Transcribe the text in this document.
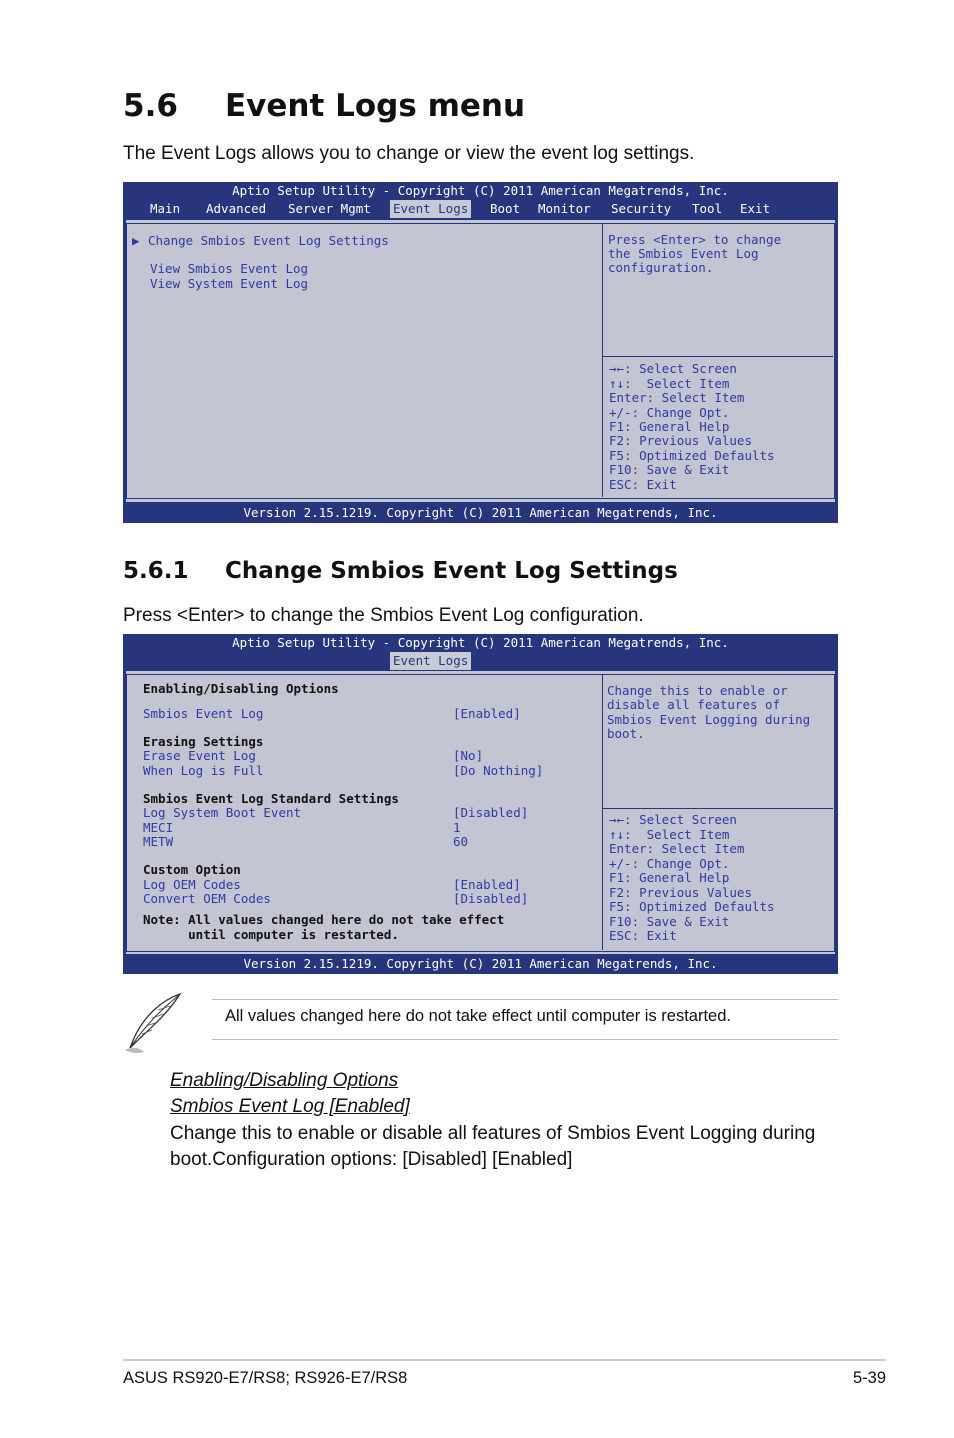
5.6 Event Logs menu
The Event Logs allows you to change or view the event log settings.
Aptio Setup Utility - Copyright (C) 2011 American Megatrends, Inc.

Main

Advanced

Server Mgmt

Event Logs

Boot

Monitor

Security

Tool

Exit

▶ Change Smbios Event Log Settings
View Smbios Event Log
View System Event Log
Press <Enter> to change
the Smbios Event Log
configuration.
→←: Select Screen
↑↓:  Select Item
Enter: Select Item
+/-: Change Opt.
F1: General Help
F2: Previous Values
F5: Optimized Defaults
F10: Save & Exit
ESC: Exit
Version 2.15.1219. Copyright (C) 2011 American Megatrends, Inc.
5.6.1 Change Smbios Event Log Settings
Press <Enter> to change the Smbios Event Log configuration.
Aptio Setup Utility - Copyright (C) 2011 American Megatrends, Inc.

Event Logs

Enabling/Disabling Options
Smbios Event Log	[Enabled]
Erasing Settings
Erase Event Log	[No]
When Log is Full	[Do Nothing]
Smbios Event Log Standard Settings
Log System Boot Event	[Disabled]
MECI	1
METW	60
Custom Option
Log OEM Codes	[Enabled]
Convert OEM Codes	[Disabled]
Note: All values changed here do not take effect
until computer is restarted.
Change this to enable or
disable all features of
Smbios Event Logging during
boot.
→←: Select Screen
↑↓:  Select Item
Enter: Select Item
+/-: Change Opt.
F1: General Help
F2: Previous Values
F5: Optimized Defaults
F10: Save & Exit
ESC: Exit
Version 2.15.1219. Copyright (C) 2011 American Megatrends, Inc.
All values changed here do not take effect until computer is restarted.
Enabling/Disabling Options
Smbios Event Log [Enabled]
Change this to enable or disable all features of Smbios Event Logging during boot.Configuration options: [Disabled] [Enabled]
ASUS RS920-E7/RS8; RS926-E7/RS8	5-39
